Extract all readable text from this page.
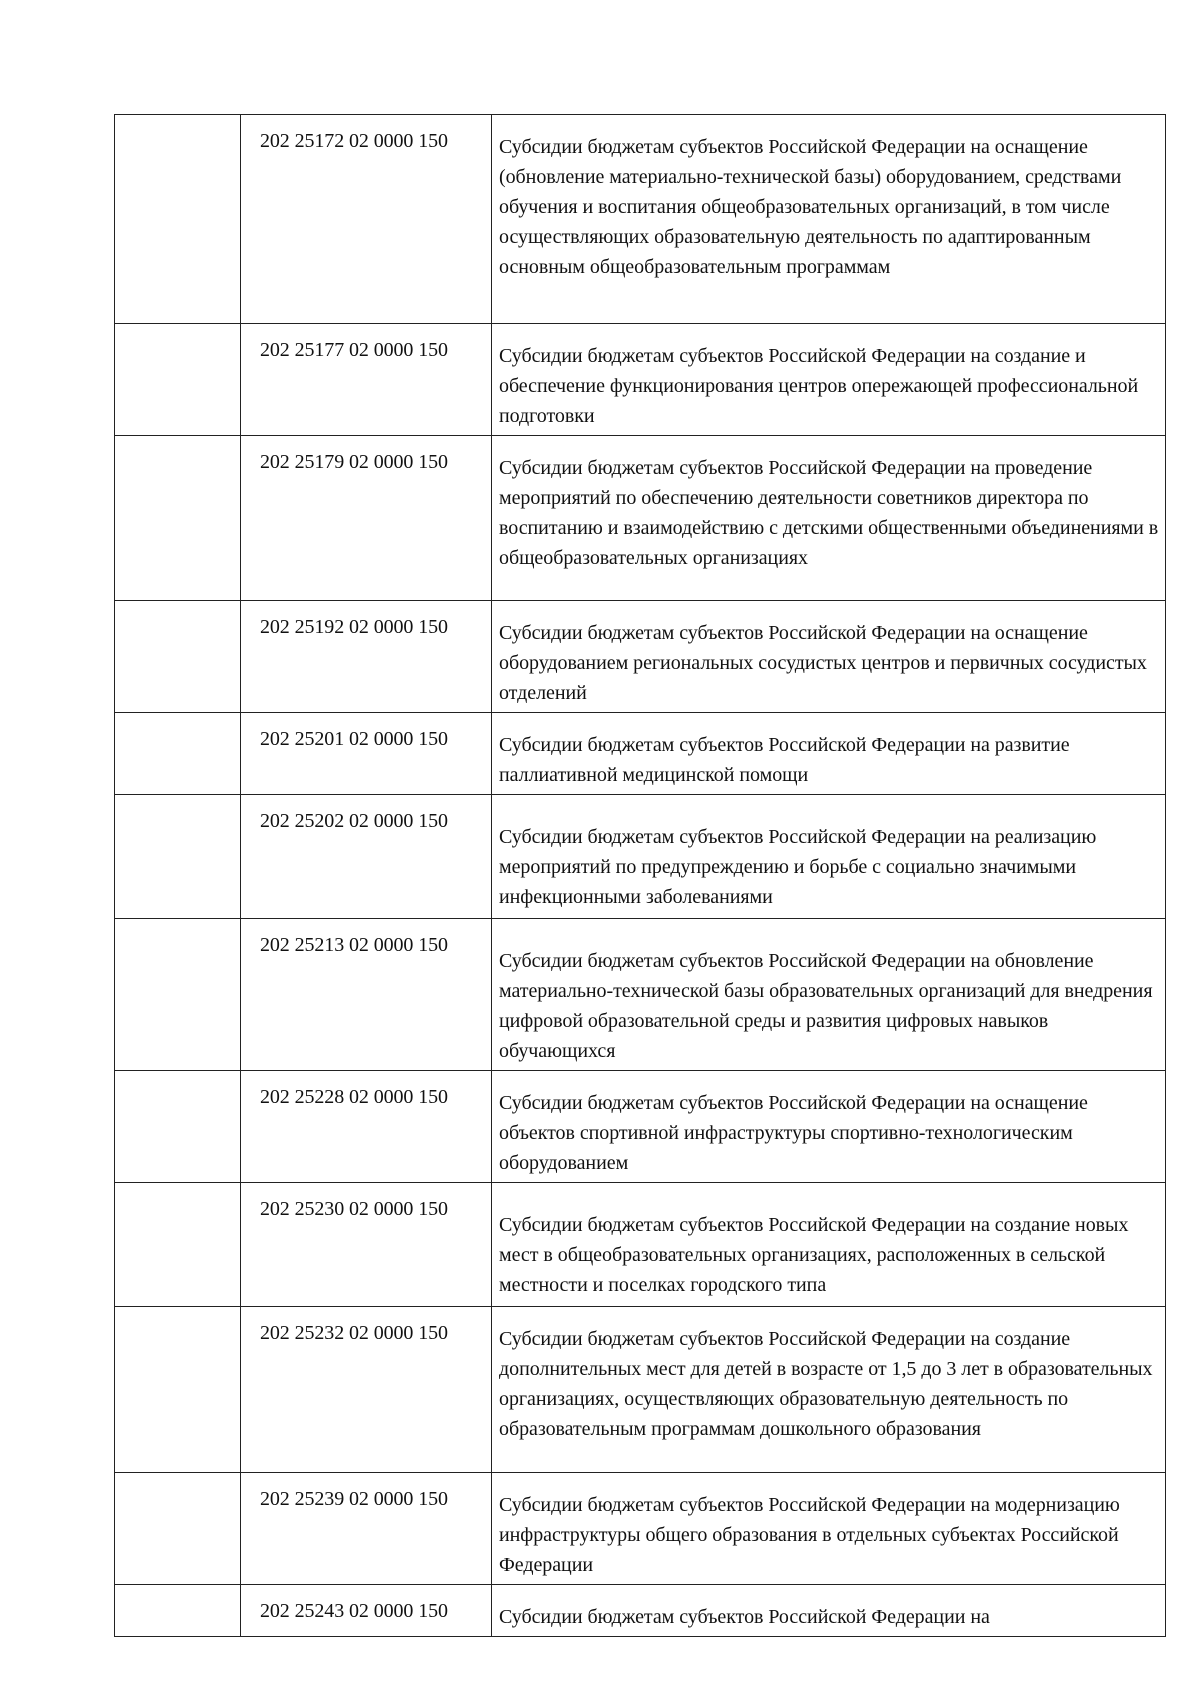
	202 25172 02 0000 150	Субсидии бюджетам субъектов Российской Федерации на оснащение (обновление материально-технической базы) оборудованием, средствами обучения и воспитания общеобразовательных организаций, в том числе осуществляющих образовательную деятельность по адаптированным основным общеобразовательным программам
	202 25177 02 0000 150	Субсидии бюджетам субъектов Российской Федерации на создание и обеспечение функционирования центров опережающей профессиональной подготовки
	202 25179 02 0000 150	Субсидии бюджетам субъектов Российской Федерации на проведение мероприятий по обеспечению деятельности советников директора по воспитанию и взаимодействию с детскими общественными объединениями в общеобразовательных организациях
	202 25192 02 0000 150	Субсидии бюджетам субъектов Российской Федерации на оснащение оборудованием региональных сосудистых центров и первичных сосудистых отделений
	202 25201 02 0000 150	Субсидии бюджетам субъектов Российской Федерации на развитие паллиативной медицинской помощи
	202 25202 02 0000 150	Субсидии бюджетам субъектов Российской Федерации на реализацию мероприятий по предупреждению и борьбе с социально значимыми инфекционными заболеваниями
	202 25213 02 0000 150	Субсидии бюджетам субъектов Российской Федерации на обновление материально-технической базы образовательных организаций для внедрения цифровой образовательной среды и развития цифровых навыков обучающихся
	202 25228 02 0000 150	Субсидии бюджетам субъектов Российской Федерации на оснащение объектов спортивной инфраструктуры спортивно-технологическим оборудованием
	202 25230 02 0000 150	Субсидии бюджетам субъектов Российской Федерации на создание новых мест в общеобразовательных организациях, расположенных в сельской местности и поселках городского типа
	202 25232 02 0000 150	Субсидии бюджетам субъектов Российской Федерации на создание дополнительных мест для детей в возрасте от 1,5 до 3 лет в образовательных организациях, осуществляющих образовательную деятельность по образовательным программам дошкольного образования
	202 25239 02 0000 150	Субсидии бюджетам субъектов Российской Федерации на модернизацию инфраструктуры общего образования в отдельных субъектах Российской Федерации
	202 25243 02 0000 150	Субсидии бюджетам субъектов Российской Федерации на
